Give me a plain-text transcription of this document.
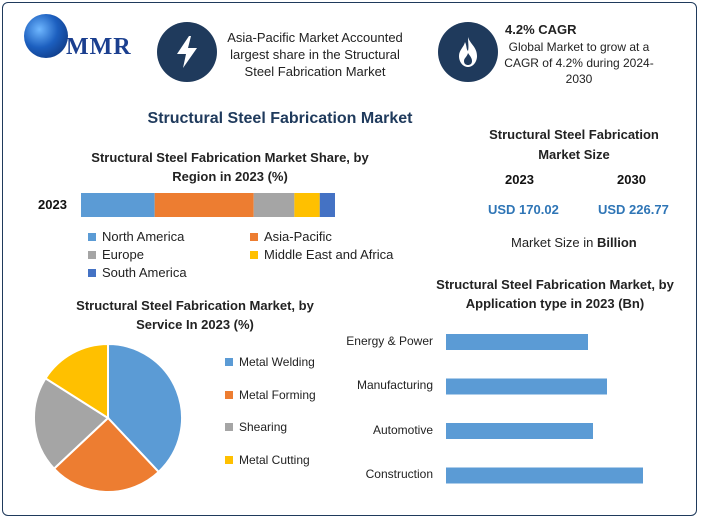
MMR	Asia-Pacific Market Accounted largest share in the Structural Steel Fabrication Market
4.2% CAGR
Global Market to grow at a CAGR of 4.2% during 2024-2030
Structural Steel Fabrication Market
Structural Steel Fabrication Market Share, by Region in 2023 (%)
2023
North America	Asia-Pacific
Europe	Middle East and Africa
South America
Structural Steel Fabrication Market Size
2023	2030
USD 170.02	USD 226.77
Market Size in Billion
Structural Steel Fabrication Market, by Service In 2023 (%)
Metal Welding
Metal Forming
Shearing
Metal Cutting
Structural Steel Fabrication Market, by Application type in 2023 (Bn)
Energy & Power
Manufacturing
Automotive
Construction
